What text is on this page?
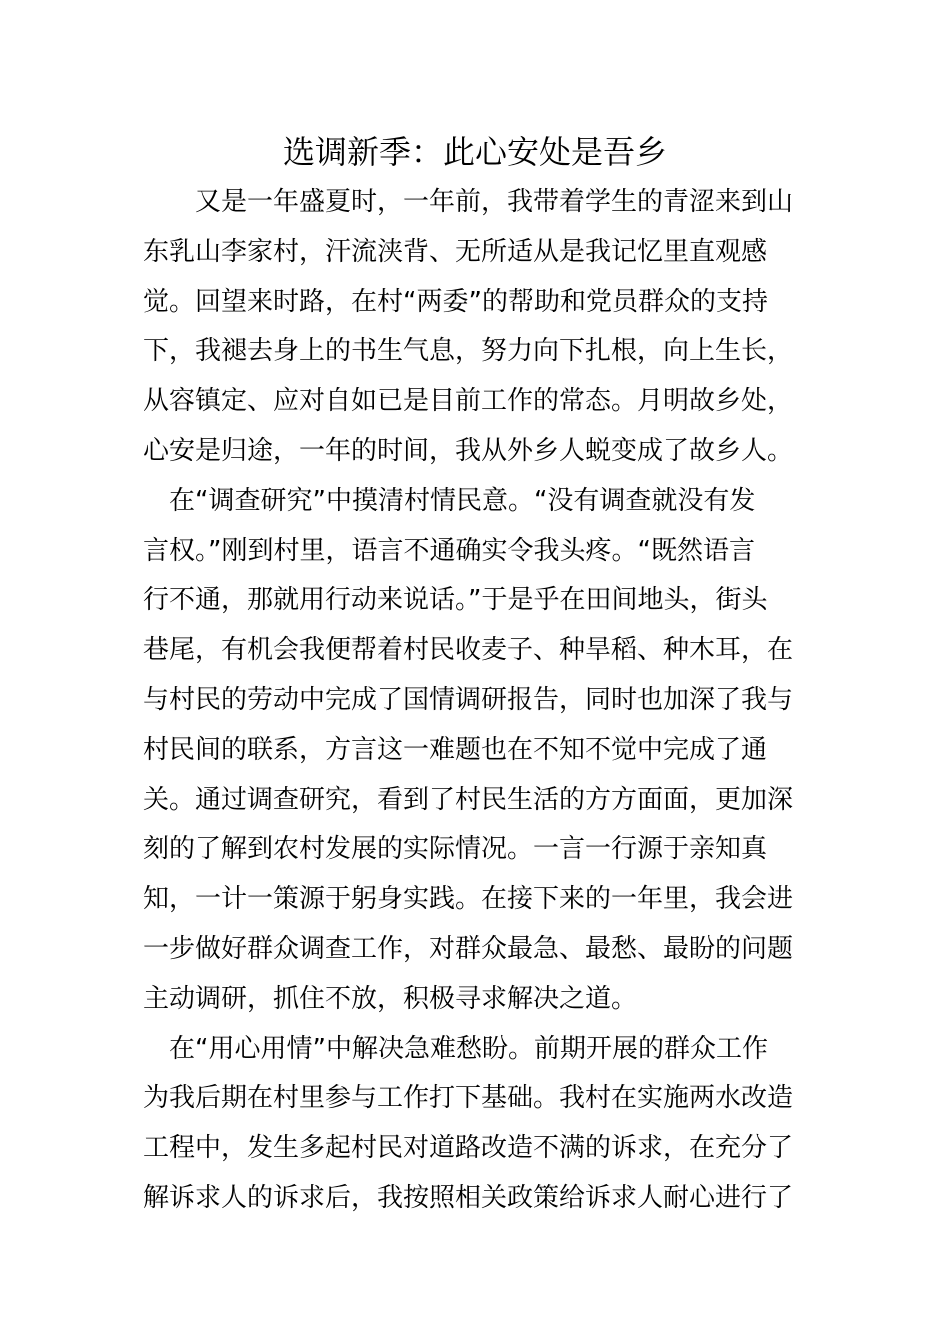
选调新季：此心安处是吾乡

　　又是一年盛夏时，一年前，我带着学生的青涩来到山

东乳山李家村，汗流浃背、无所适从是我记忆里直观感

觉。回望来时路，在村“两委”的帮助和党员群众的支持

下，我褪去身上的书生气息，努力向下扎根，向上生长，

从容镇定、应对自如已是目前工作的常态。月明故乡处，

心安是归途，一年的时间，我从外乡人蜕变成了故乡人。

　在“调查研究”中摸清村情民意。“没有调查就没有发

言权。”刚到村里，语言不通确实令我头疼。“既然语言

行不通，那就用行动来说话。”于是乎在田间地头，街头

巷尾，有机会我便帮着村民收麦子、种旱稻、种木耳，在

与村民的劳动中完成了国情调研报告，同时也加深了我与

村民间的联系，方言这一难题也在不知不觉中完成了通

关。通过调查研究，看到了村民生活的方方面面，更加深

刻的了解到农村发展的实际情况。一言一行源于亲知真

知，一计一策源于躬身实践。在接下来的一年里，我会进

一步做好群众调查工作，对群众最急、最愁、最盼的问题

主动调研，抓住不放，积极寻求解决之道。

　在“用心用情”中解决急难愁盼。前期开展的群众工作

为我后期在村里参与工作打下基础。我村在实施两水改造

工程中，发生多起村民对道路改造不满的诉求，在充分了

解诉求人的诉求后，我按照相关政策给诉求人耐心进行了
